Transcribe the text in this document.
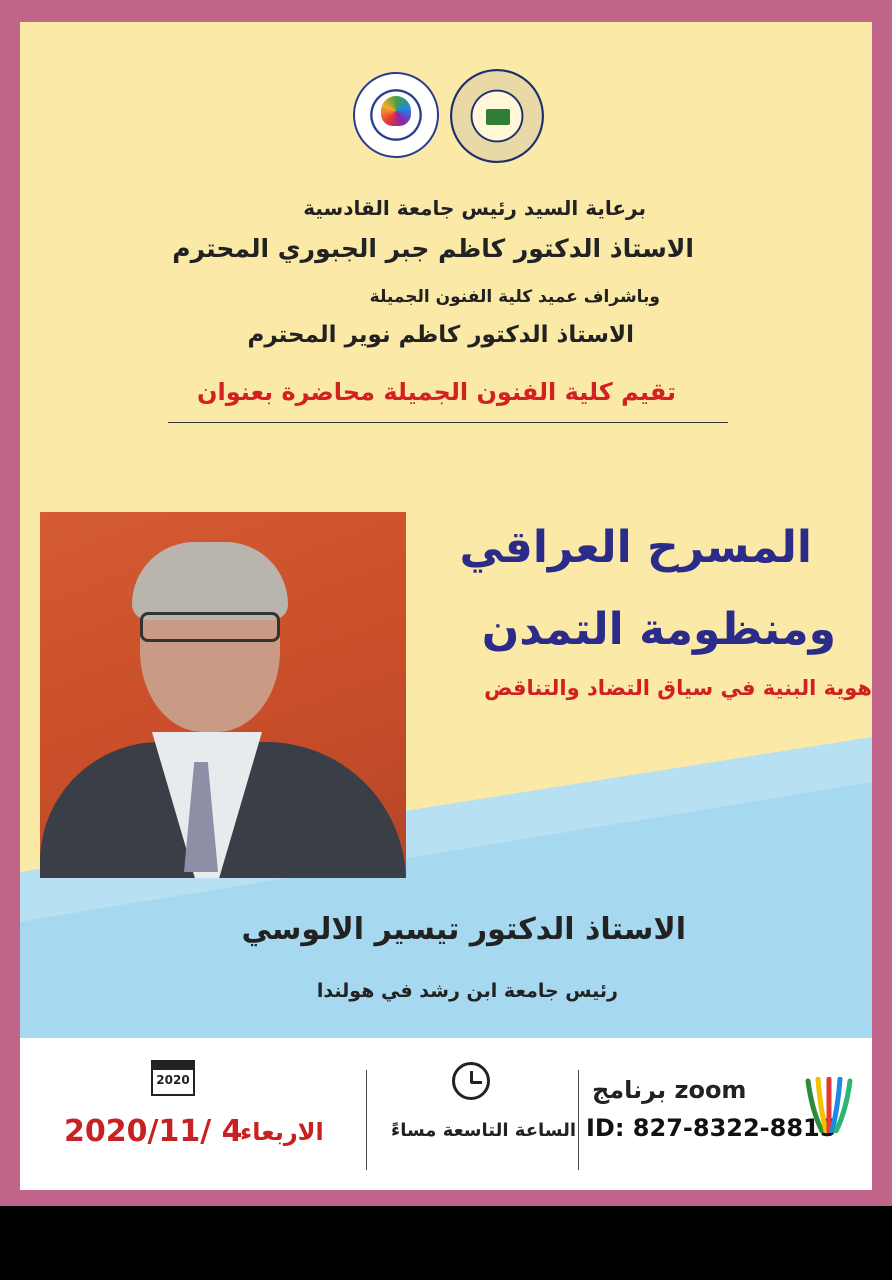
برعاية السيد رئيس جامعة القادسية
الاستاذ الدكتور كاظم جبر الجبوري المحترم
وباشراف عميد كلية الفنون الجميلة
الاستاذ الدكتور كاظم نوير المحترم
تقيم كلية الفنون الجميلة محاضرة بعنوان
المسرح العراقي
ومنظومة التمدن
هوية البنية في سياق التضاد والتناقض
الاستاذ الدكتور تيسير الالوسي
رئيس جامعة ابن رشد في هولندا
2020
2020/11/ 4
الاربعاء	الساعة التاسعة مساءً
برنامج zoom
ID: 827-8322-8815
